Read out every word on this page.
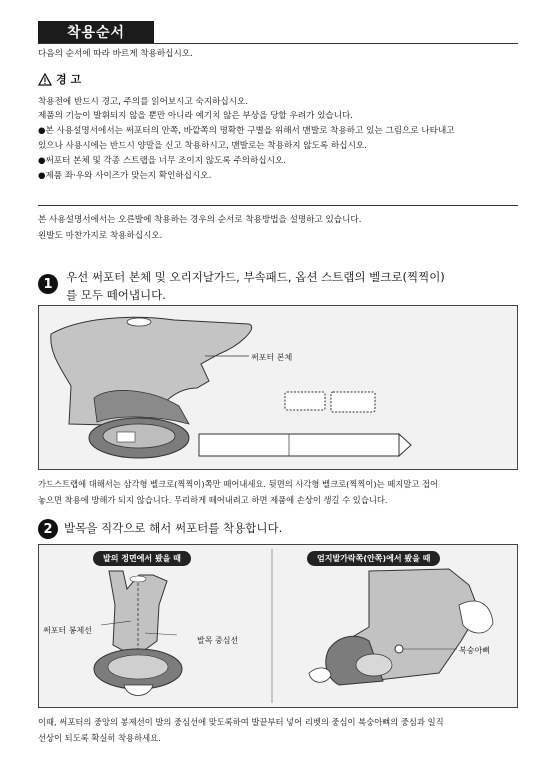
착용순서
다음의 순서에 따라 바르게 착용하십시오.
경 고
착용전에 반드시 경고, 주의를 읽어보시고 숙지하십시오.
제품의 기능이 발휘되지 않을 뿐만 아니라 예기치 않은 부상을 당할 우려가 있습니다.
●본 사용설명서에서는 써포터의 안쪽, 바깥쪽의 명확한 구별을 위해서 맨발로 착용하고 있는 그림으로 나타내고
있으나 사용시에는 반드시 양말을 신고 착용하시고, 맨발로는 착용하지 않도록 하십시오.
●써포터 본체 및 각종 스트랩을 너무 조이지 않도록 주의하십시오.
●제품 좌·우와 사이즈가 맞는지 확인하십시오.
본 사용설명서에서는 오른발에 착용하는 경우의 순서로 착용방법을 설명하고 있습니다.
왼발도 마찬가지로 착용하십시오.
1	우선 써포터 본체 및 오리지날가드, 부속패드, 옵션 스트랩의 벨크로(찍찍이)
를 모두 떼어냅니다.
써포터 본체
가드스트랩에 대해서는 삼각형 벨크로(찍찍이)쪽만 떼어내세요. 뒷면의 사각형 벨크로(찍찍이)는 떼지말고 접어
놓으면 착용에 방해가 되지 않습니다. 무리하게 떼어내려고 하면 제품에 손상이 생길 수 있습니다.
2 발목을 직각으로 해서 써포터를 착용합니다.
발의 정면에서 봤을 때	엄지발가락쪽(안쪽)에서 봤을 때
써포터 봉제선
발목 중심선
복숭아뼈
이때, 써포터의 중앙의 봉제선이 발의 중심선에 맞도록하여 발끝부터 넣어 리벳의 중심이 복숭아뼈의 중심과 일직
선상이 되도록 확실히 착용하세요.
